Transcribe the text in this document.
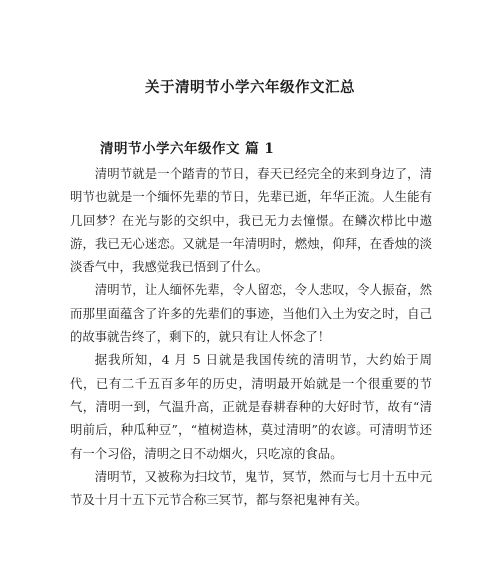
关于清明节小学六年级作文汇总
清明节小学六年级作文 篇 1

清明节就是一个踏青的节日，春天已经完全的来到身边了，清明节也就是一个缅怀先辈的节日，先辈已逝，年华正流。人生能有几回梦？在光与影的交织中，我已无力去憧憬。在鳞次栉比中遨游，我已无心迷恋。又就是一年清明时，燃烛，仰拜，在香烛的淡淡香气中，我感觉我已悟到了什么。

清明节，让人缅怀先辈，令人留恋，令人悲叹，令人振奋，然而那里面蕴含了许多的先辈们的事迹，当他们入土为安之时，自己的故事就告终了，剩下的，就只有让人怀念了！

据我所知，4 月 5 日就是我国传统的清明节，大约始于周代，已有二千五百多年的历史，清明最开始就是一个很重要的节气，清明一到，气温升高，正就是春耕春种的大好时节，故有“清明前后，种瓜种豆”，“植树造林，莫过清明”的农谚。可清明节还有一个习俗，清明之日不动烟火，只吃凉的食品。

清明节，又被称为扫坟节，鬼节，冥节，然而与七月十五中元节及十月十五下元节合称三冥节，都与祭祀鬼神有关。
